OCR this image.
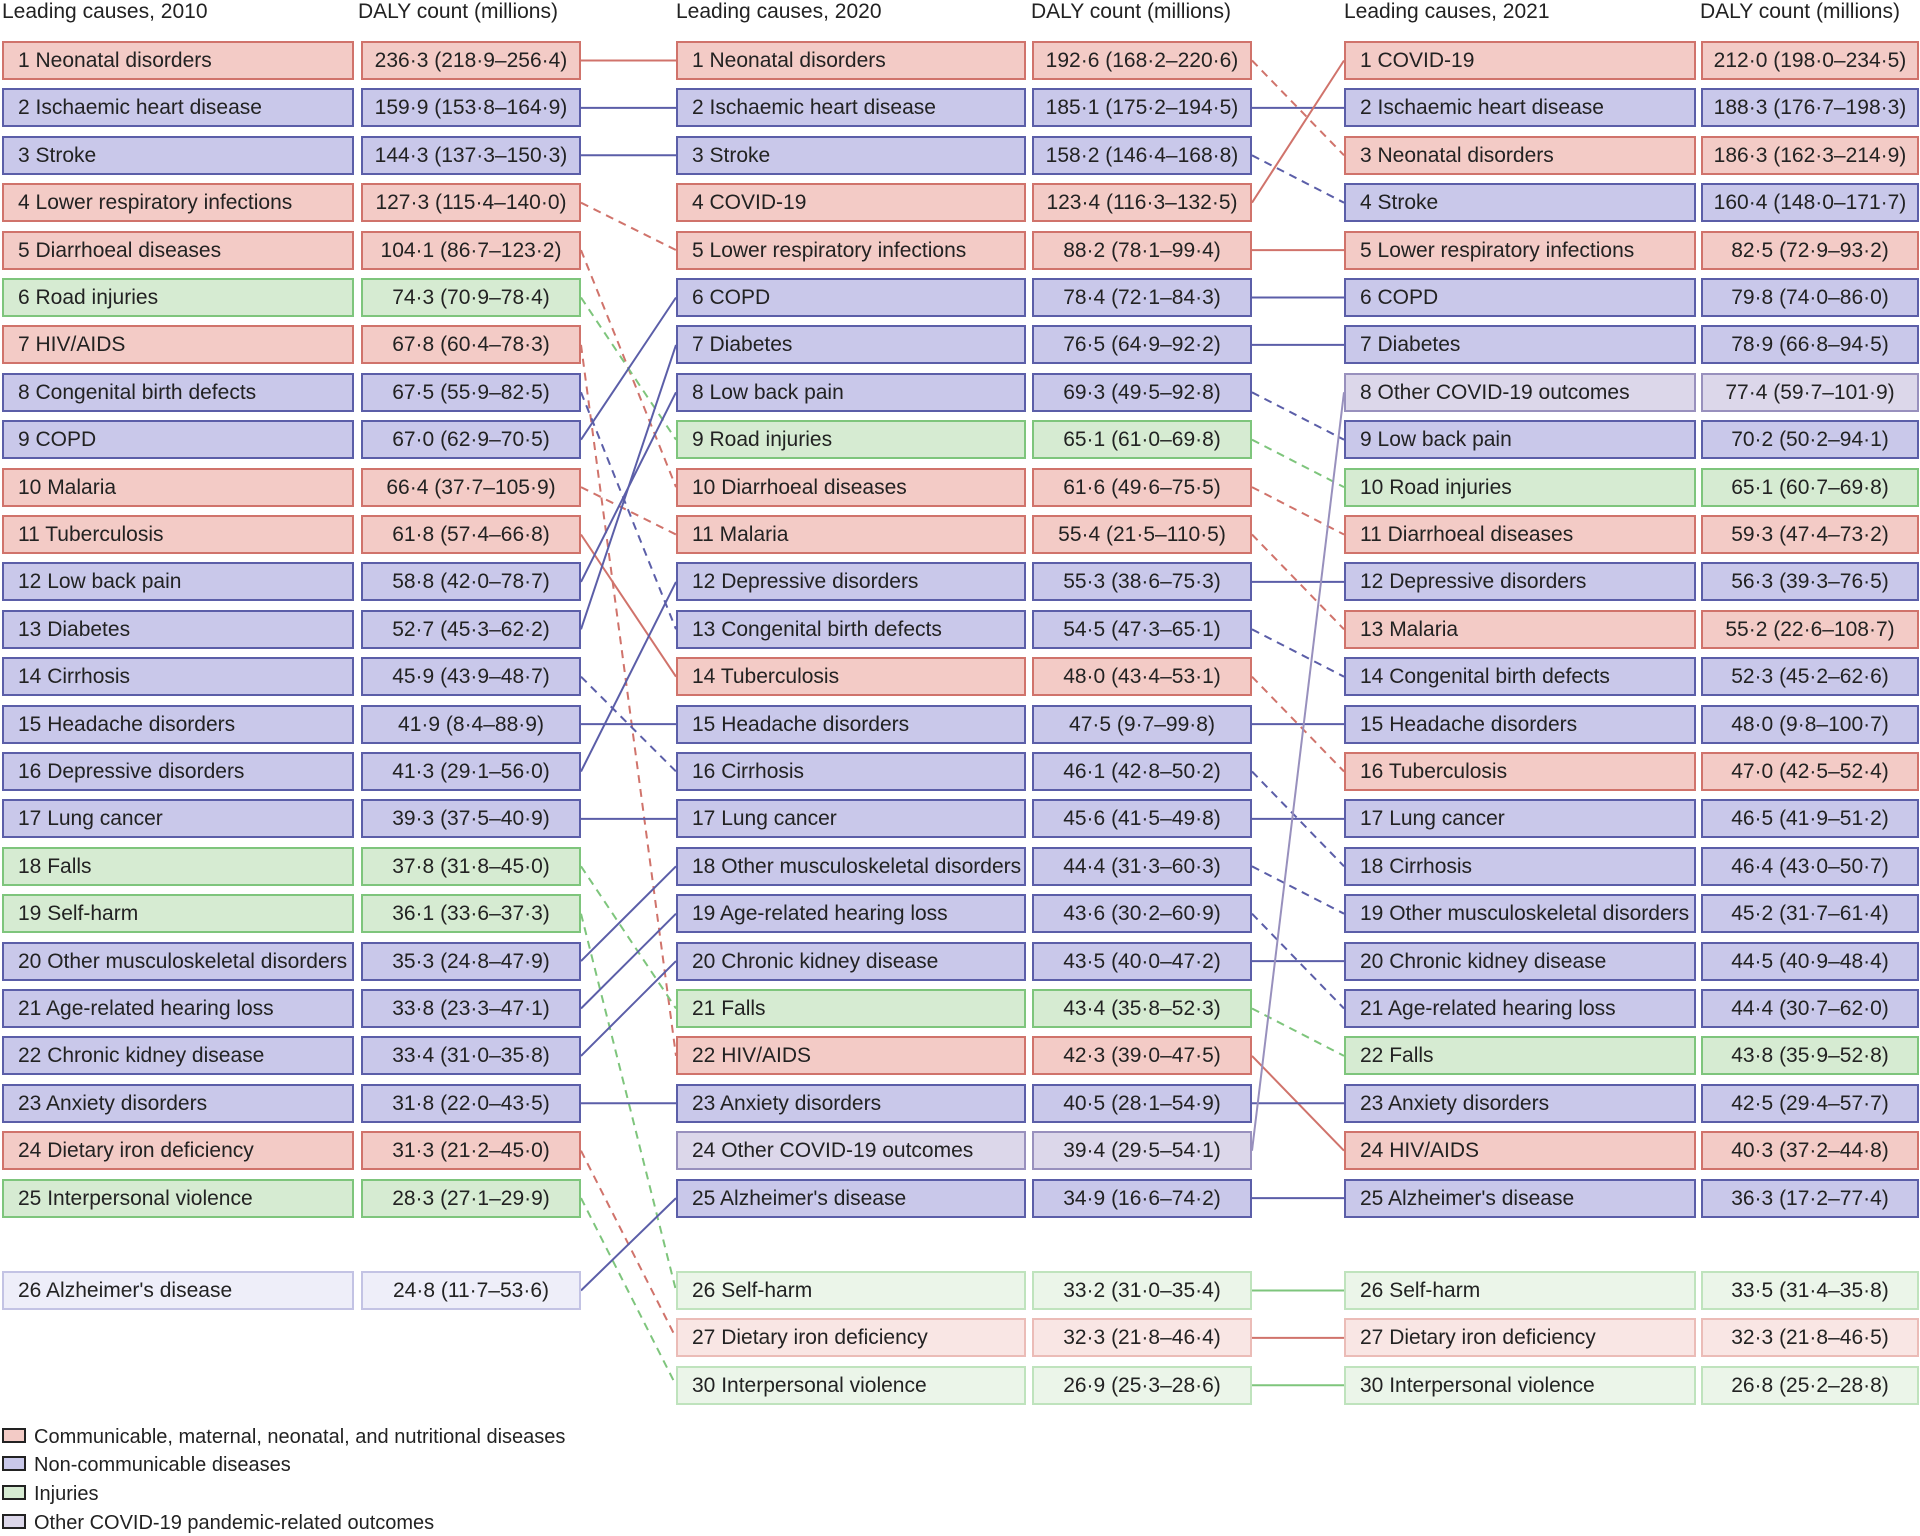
Leading causes, 2010	DALY count (millions)	Leading causes, 2020	DALY count (millions)	Leading causes, 2021	DALY count (millions)
1 Neonatal disorders	236·3 (218·9–256·4)
2 Ischaemic heart disease	159·9 (153·8–164·9)
3 Stroke	144·3 (137·3–150·3)
4 Lower respiratory infections	127·3 (115·4–140·0)
5 Diarrhoeal diseases	104·1 (86·7–123·2)
6 Road injuries	74·3 (70·9–78·4)
7 HIV/AIDS	67·8 (60·4–78·3)
8 Congenital birth defects	67·5 (55·9–82·5)
9 COPD	67·0 (62·9–70·5)
10 Malaria	66·4 (37·7–105·9)
11 Tuberculosis	61·8 (57·4–66·8)
12 Low back pain	58·8 (42·0–78·7)
13 Diabetes	52·7 (45·3–62·2)
14 Cirrhosis	45·9 (43·9–48·7)
15 Headache disorders	41·9 (8·4–88·9)
16 Depressive disorders	41·3 (29·1–56·0)
17 Lung cancer	39·3 (37·5–40·9)
18 Falls	37·8 (31·8–45·0)
19 Self-harm	36·1 (33·6–37·3)
20 Other musculoskeletal disorders	35·3 (24·8–47·9)
21 Age-related hearing loss	33·8 (23·3–47·1)
22 Chronic kidney disease	33·4 (31·0–35·8)
23 Anxiety disorders	31·8 (22·0–43·5)
24 Dietary iron deficiency	31·3 (21·2–45·0)
25 Interpersonal violence	28·3 (27·1–29·9)
26 Alzheimer's disease	24·8 (11·7–53·6)
1 Neonatal disorders	192·6 (168·2–220·6)
2 Ischaemic heart disease	185·1 (175·2–194·5)
3 Stroke	158·2 (146·4–168·8)
4 COVID-19	123·4 (116·3–132·5)
5 Lower respiratory infections	88·2 (78·1–99·4)
6 COPD	78·4 (72·1–84·3)
7 Diabetes	76·5 (64·9–92·2)
8 Low back pain	69·3 (49·5–92·8)
9 Road injuries	65·1 (61·0–69·8)
10 Diarrhoeal diseases	61·6 (49·6–75·5)
11 Malaria	55·4 (21·5–110·5)
12 Depressive disorders	55·3 (38·6–75·3)
13 Congenital birth defects	54·5 (47·3–65·1)
14 Tuberculosis	48·0 (43·4–53·1)
15 Headache disorders	47·5 (9·7–99·8)
16 Cirrhosis	46·1 (42·8–50·2)
17 Lung cancer	45·6 (41·5–49·8)
18 Other musculoskeletal disorders	44·4 (31·3–60·3)
19 Age-related hearing loss	43·6 (30·2–60·9)
20 Chronic kidney disease	43·5 (40·0–47·2)
21 Falls	43·4 (35·8–52·3)
22 HIV/AIDS	42·3 (39·0–47·5)
23 Anxiety disorders	40·5 (28·1–54·9)
24 Other COVID-19 outcomes	39·4 (29·5–54·1)
25 Alzheimer's disease	34·9 (16·6–74·2)
26 Self-harm	33·2 (31·0–35·4)
27 Dietary iron deficiency	32·3 (21·8–46·4)
30 Interpersonal violence	26·9 (25·3–28·6)
1 COVID-19	212·0 (198·0–234·5)
2 Ischaemic heart disease	188·3 (176·7–198·3)
3 Neonatal disorders	186·3 (162·3–214·9)
4 Stroke	160·4 (148·0–171·7)
5 Lower respiratory infections	82·5 (72·9–93·2)
6 COPD	79·8 (74·0–86·0)
7 Diabetes	78·9 (66·8–94·5)
8 Other COVID-19 outcomes	77·4 (59·7–101·9)
9 Low back pain	70·2 (50·2–94·1)
10 Road injuries	65·1 (60·7–69·8)
11 Diarrhoeal diseases	59·3 (47·4–73·2)
12 Depressive disorders	56·3 (39·3–76·5)
13 Malaria	55·2 (22·6–108·7)
14 Congenital birth defects	52·3 (45·2–62·6)
15 Headache disorders	48·0 (9·8–100·7)
16 Tuberculosis	47·0 (42·5–52·4)
17 Lung cancer	46·5 (41·9–51·2)
18 Cirrhosis	46·4 (43·0–50·7)
19 Other musculoskeletal disorders	45·2 (31·7–61·4)
20 Chronic kidney disease	44·5 (40·9–48·4)
21 Age-related hearing loss	44·4 (30·7–62·0)
22 Falls	43·8 (35·9–52·8)
23 Anxiety disorders	42·5 (29·4–57·7)
24 HIV/AIDS	40·3 (37·2–44·8)
25 Alzheimer's disease	36·3 (17·2–77·4)
26 Self-harm	33·5 (31·4–35·8)
27 Dietary iron deficiency	32·3 (21·8–46·5)
30 Interpersonal violence	26·8 (25·2–28·8)
Communicable, maternal, neonatal, and nutritional diseases
Non-communicable diseases
Injuries
Other COVID-19 pandemic-related outcomes
